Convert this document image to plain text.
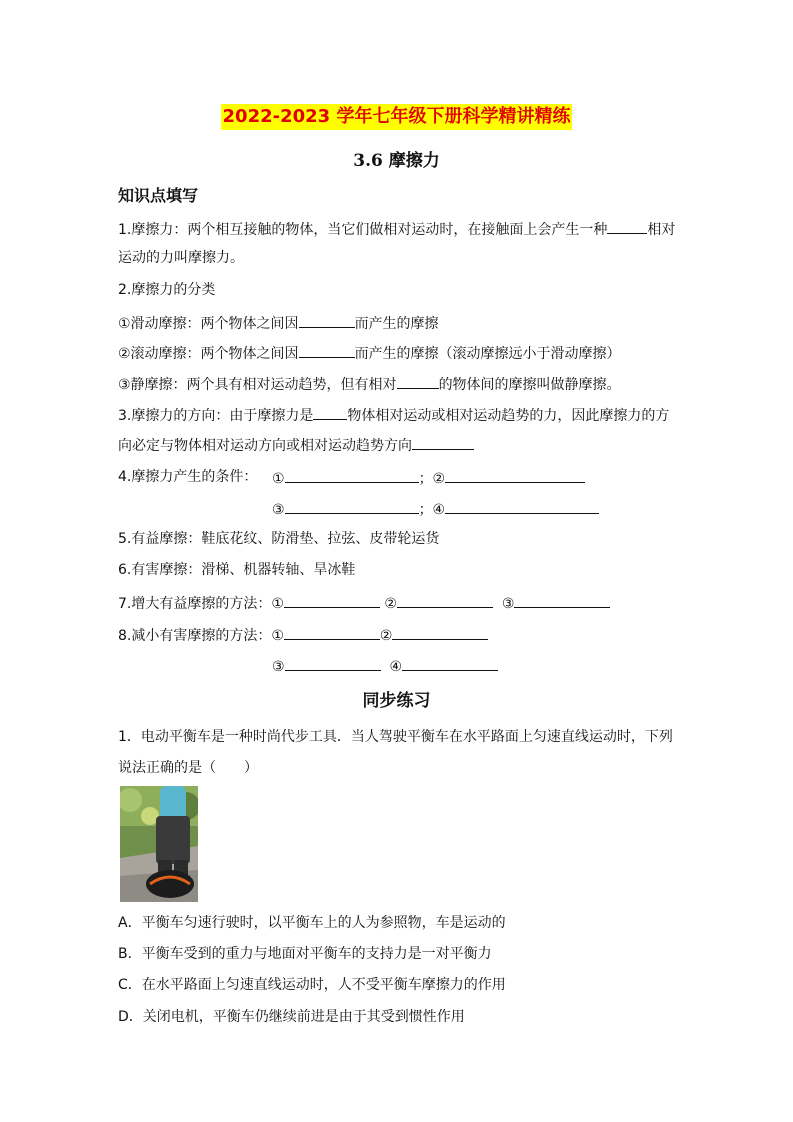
2022-2023 学年七年级下册科学精讲精练
3.6 摩擦力
知识点填写
1.摩擦力：两个相互接触的物体，当它们做相对运动时，在接触面上会产生一种	相对
运动的力叫摩擦力。
2.摩擦力的分类
①滑动摩擦：两个物体之间因	而产生的摩擦
②滚动摩擦：两个物体之间因	而产生的摩擦（滚动摩擦远小于滑动摩擦）
③静摩擦：两个具有相对运动趋势，但有相对	的物体间的摩擦叫做静摩擦。
3.摩擦力的方向：由于摩擦力是 物体相对运动或相对运动趋势的力，因此摩擦力的方
向必定与物体相对运动方向或相对运动趋势方向
4.摩擦力产生的条件： ①	；②
③	；④
5.有益摩擦：鞋底花纹、防滑垫、拉弦、皮带轮运货
6.有害摩擦：滑梯、机器转轴、旱冰鞋
7.增大有益摩擦的方法：①	②	③
8.减小有害摩擦的方法：①	②
③	④
同步练习
1．电动平衡车是一种时尚代步工具．当人驾驶平衡车在水平路面上匀速直线运动时，下列
说法正确的是（　　）
A．平衡车匀速行驶时，以平衡车上的人为参照物，车是运动的
B．平衡车受到的重力与地面对平衡车的支持力是一对平衡力
C．在水平路面上匀速直线运动时，人不受平衡车摩擦力的作用
D．关闭电机，平衡车仍继续前进是由于其受到惯性作用
